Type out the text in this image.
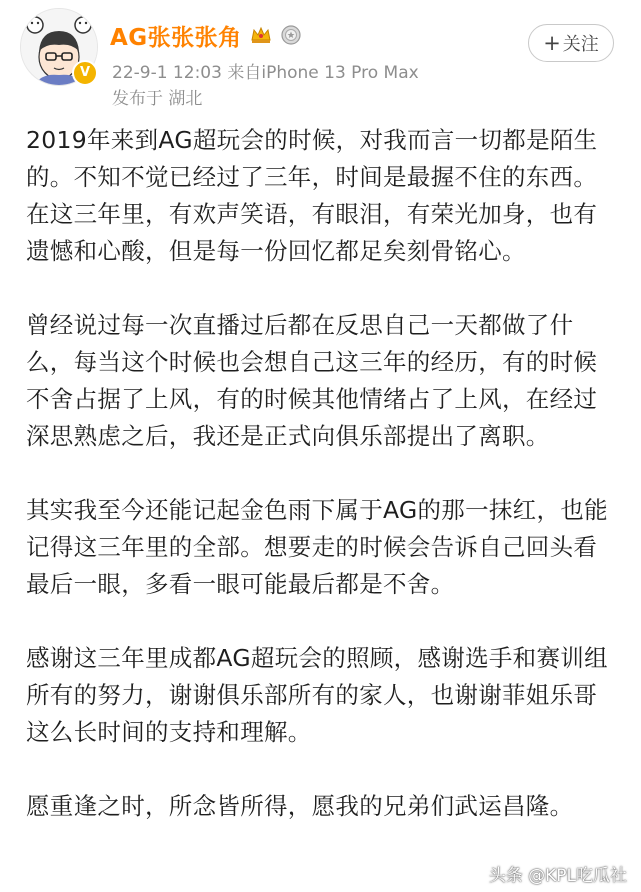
V
AG张张张角
22-9-1 12:03 来自iPhone 13 Pro Max
发布于 湖北
+ 关注

2019年来到AG超玩会的时候，对我而言一切都是陌生的。不知不觉已经过了三年，时间是最握不住的东西。在这三年里，有欢声笑语，有眼泪，有荣光加身，也有遗憾和心酸，但是每一份回忆都足矣刻骨铭心。

曾经说过每一次直播过后都在反思自己一天都做了什么，每当这个时候也会想自己这三年的经历，有的时候不舍占据了上风，有的时候其他情绪占了上风，在经过深思熟虑之后，我还是正式向俱乐部提出了离职。

其实我至今还能记起金色雨下属于AG的那一抹红，也能记得这三年里的全部。想要走的时候会告诉自己回头看最后一眼，多看一眼可能最后都是不舍。

感谢这三年里成都AG超玩会的照顾，感谢选手和赛训组所有的努力，谢谢俱乐部所有的家人，也谢谢菲姐乐哥这么长时间的支持和理解。

愿重逢之时，所念皆所得，愿我的兄弟们武运昌隆。

头条 @KPL吃瓜社
